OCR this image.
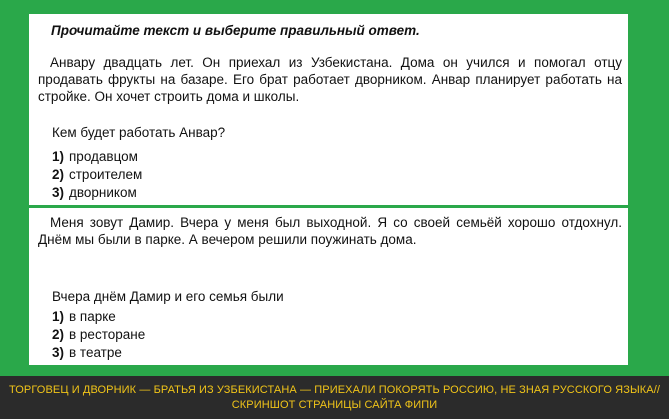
Прочитайте текст и выберите правильный ответ.
Анвару двадцать лет. Он приехал из Узбекистана. Дома он учился и помогал отцу продавать фрукты на базаре. Его брат работает дворником. Анвар планирует работать на стройке. Он хочет строить дома и школы.
Кем будет работать Анвар?
1) продавцом
2) строителем
3) дворником
Меня зовут Дамир. Вчера у меня был выходной. Я со своей семьёй хорошо отдохнул. Днём мы были в парке. А вечером решили поужинать дома.
Вчера днём Дамир и его семья были
1) в парке
2) в ресторане
3) в театре
ТОРГОВЕЦ И ДВОРНИК — БРАТЬЯ ИЗ УЗБЕКИСТАНА — ПРИЕХАЛИ ПОКОРЯТЬ РОССИЮ, НЕ ЗНАЯ РУССКОГО ЯЗЫКА//
СКРИНШОТ СТРАНИЦЫ САЙТА ФИПИ
